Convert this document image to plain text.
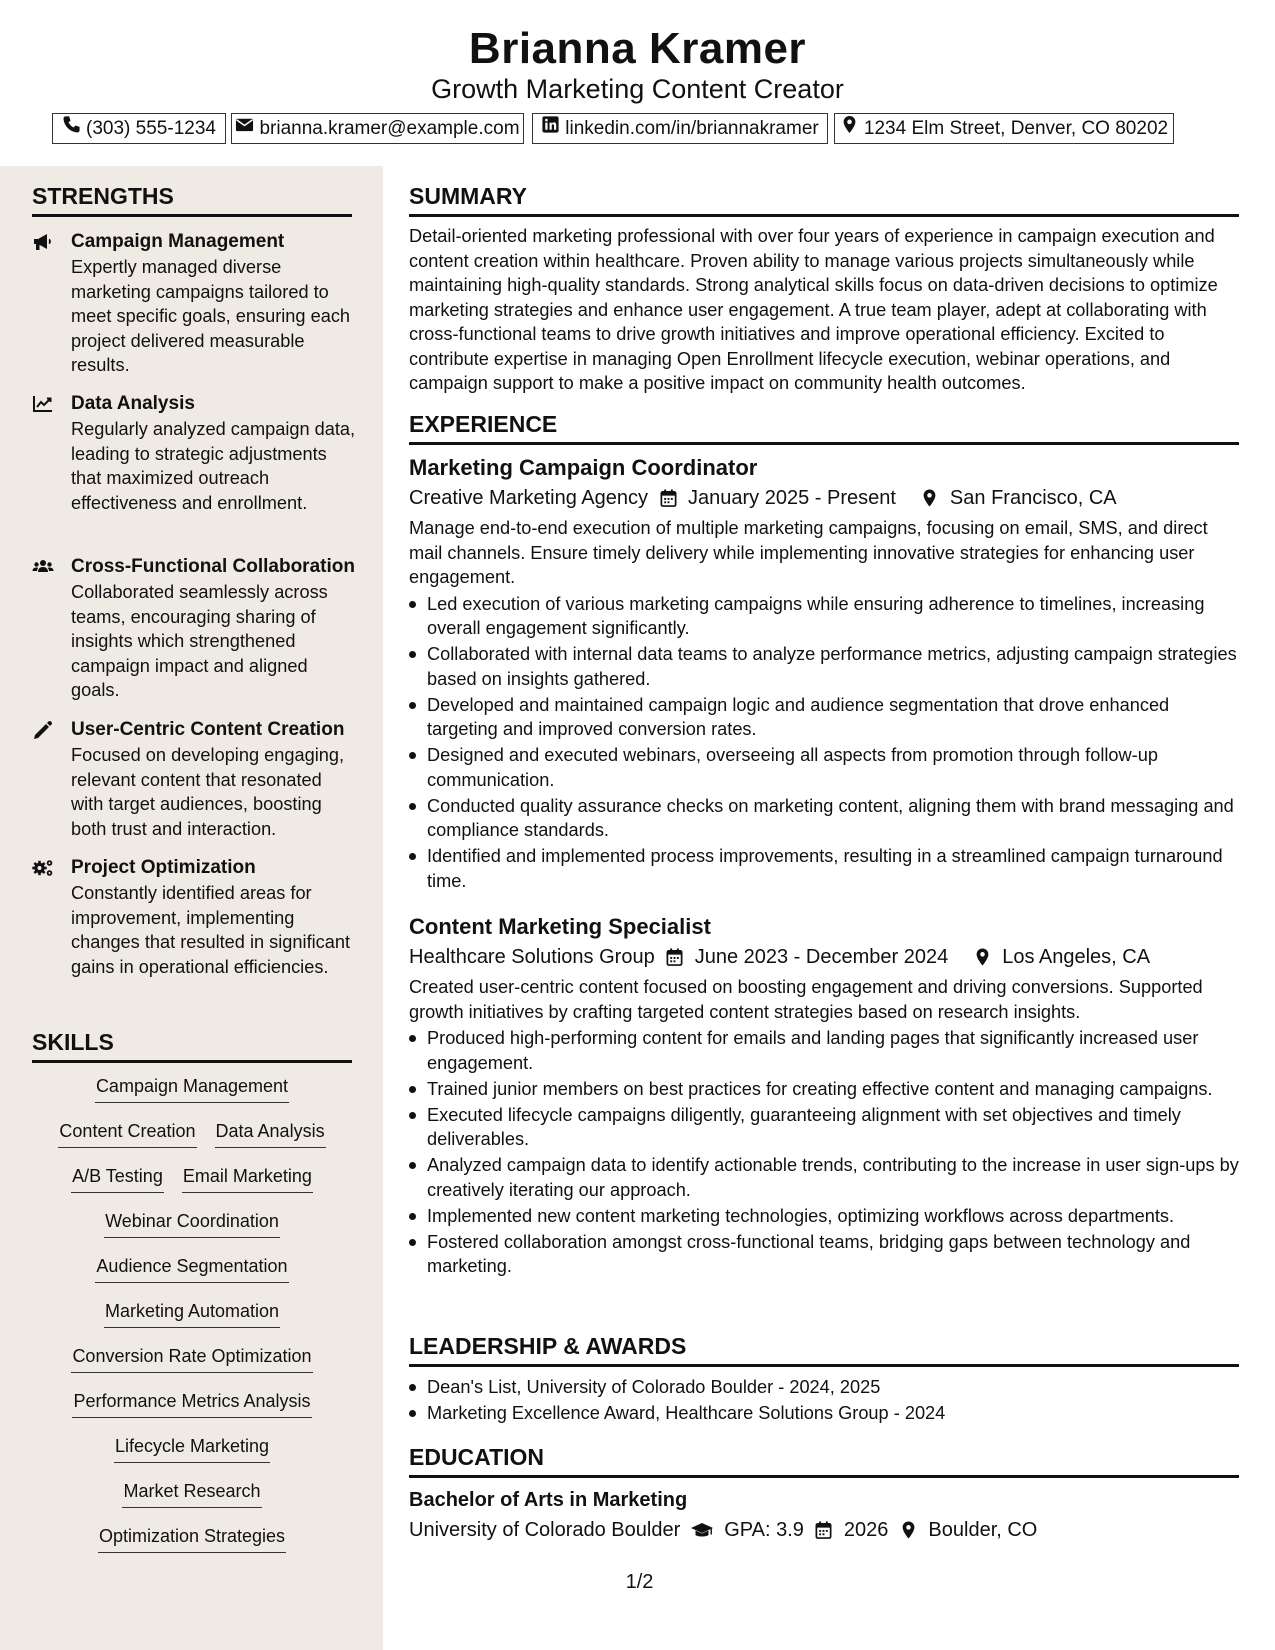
Brianna Kramer
Growth Marketing Content Creator
(303) 555-1234 brianna.kramer@example.com linkedin.com/in/briannakramer 1234 Elm Street, Denver, CO 80202
STRENGTHS
Campaign Management
Expertly managed diverse marketing campaigns tailored to meet specific goals, ensuring each project delivered measurable results.
Data Analysis
Regularly analyzed campaign data, leading to strategic adjustments that maximized outreach effectiveness and enrollment.
Cross-Functional Collaboration
Collaborated seamlessly across teams, encouraging sharing of insights which strengthened campaign impact and aligned goals.
User-Centric Content Creation
Focused on developing engaging, relevant content that resonated with target audiences, boosting both trust and interaction.
Project Optimization
Constantly identified areas for improvement, implementing changes that resulted in significant gains in operational efficiencies.
SKILLS
Campaign Management
Content Creation Data Analysis
A/B Testing Email Marketing
Webinar Coordination
Audience Segmentation
Marketing Automation
Conversion Rate Optimization
Performance Metrics Analysis
Lifecycle Marketing
Market Research
Optimization Strategies
SUMMARY
Detail-oriented marketing professional with over four years of experience in campaign execution and content creation within healthcare. Proven ability to manage various projects simultaneously while maintaining high-quality standards. Strong analytical skills focus on data-driven decisions to optimize marketing strategies and enhance user engagement. A true team player, adept at collaborating with cross-functional teams to drive growth initiatives and improve operational efficiency. Excited to contribute expertise in managing Open Enrollment lifecycle execution, webinar operations, and campaign support to make a positive impact on community health outcomes.
EXPERIENCE
Marketing Campaign Coordinator
Creative Marketing Agency January 2025 - Present	San Francisco, CA
Manage end-to-end execution of multiple marketing campaigns, focusing on email, SMS, and direct mail channels. Ensure timely delivery while implementing innovative strategies for enhancing user engagement.
Led execution of various marketing campaigns while ensuring adherence to timelines, increasing overall engagement significantly.
Collaborated with internal data teams to analyze performance metrics, adjusting campaign strategies based on insights gathered.
Developed and maintained campaign logic and audience segmentation that drove enhanced targeting and improved conversion rates.
Designed and executed webinars, overseeing all aspects from promotion through follow-up communication.
Conducted quality assurance checks on marketing content, aligning them with brand messaging and compliance standards.
Identified and implemented process improvements, resulting in a streamlined campaign turnaround time.
Content Marketing Specialist
Healthcare Solutions Group June 2023 - December 2024	Los Angeles, CA
Created user-centric content focused on boosting engagement and driving conversions. Supported growth initiatives by crafting targeted content strategies based on research insights.
Produced high-performing content for emails and landing pages that significantly increased user engagement.
Trained junior members on best practices for creating effective content and managing campaigns.
Executed lifecycle campaigns diligently, guaranteeing alignment with set objectives and timely deliverables.
Analyzed campaign data to identify actionable trends, contributing to the increase in user sign-ups by creatively iterating our approach.
Implemented new content marketing technologies, optimizing workflows across departments.
Fostered collaboration amongst cross-functional teams, bridging gaps between technology and marketing.
LEADERSHIP & AWARDS
Dean's List, University of Colorado Boulder - 2024, 2025
Marketing Excellence Award, Healthcare Solutions Group - 2024
EDUCATION
Bachelor of Arts in Marketing
University of Colorado Boulder GPA: 3.9 2026 Boulder, CO
1/2
